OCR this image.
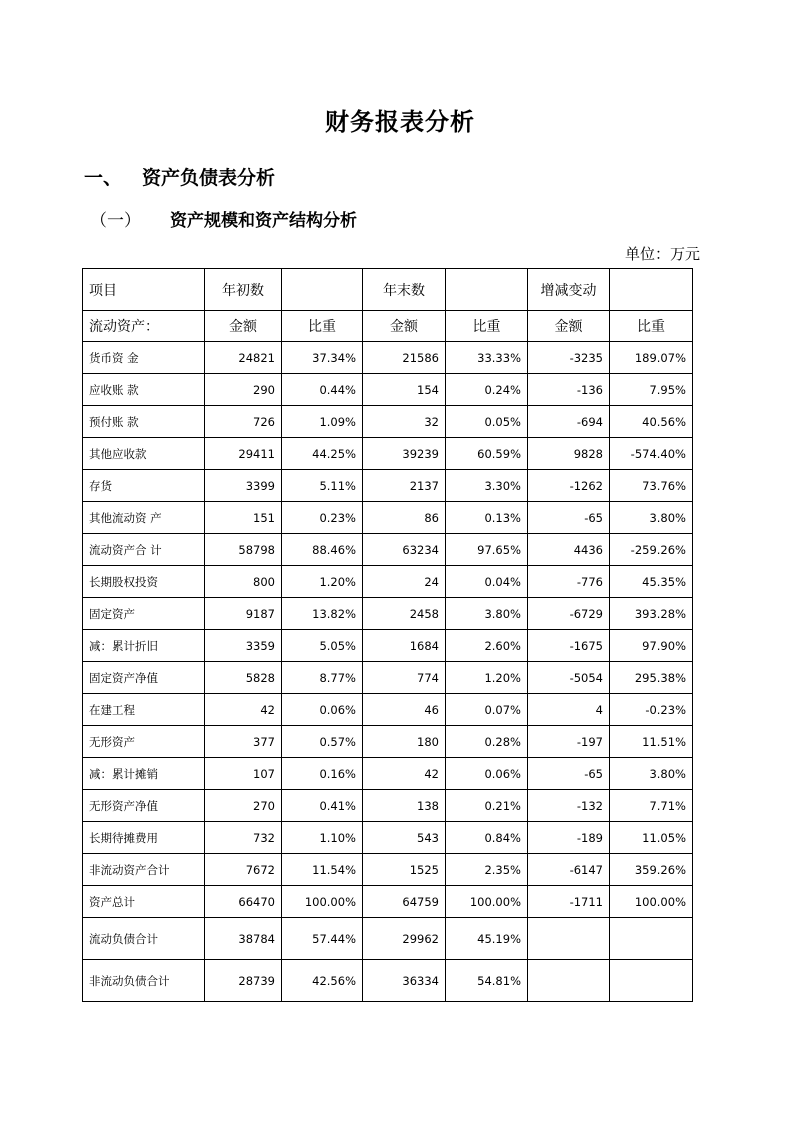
财务报表分析
一、 资产负债表分析
（一） 资产规模和资产结构分析
单位：万元
项目	年初数		年末数		增减变动	
流动资产：	金额	比重	金额	比重	金额	比重
货币资 金	24821	37.34%	21586	33.33%	-3235	189.07%
应收账 款	290	0.44%	154	0.24%	-136	7.95%
预付账 款	726	1.09%	32	0.05%	-694	40.56%
其他应收款	29411	44.25%	39239	60.59%	9828	-574.40%
存货	3399	5.11%	2137	3.30%	-1262	73.76%
其他流动资 产	151	0.23%	86	0.13%	-65	3.80%
流动资产合 计	58798	88.46%	63234	97.65%	4436	-259.26%
长期股权投资	800	1.20%	24	0.04%	-776	45.35%
固定资产	9187	13.82%	2458	3.80%	-6729	393.28%
减：累计折旧	3359	5.05%	1684	2.60%	-1675	97.90%
固定资产净值	5828	8.77%	774	1.20%	-5054	295.38%
在建工程	42	0.06%	46	0.07%	4	-0.23%
无形资产	377	0.57%	180	0.28%	-197	11.51%
减：累计摊销	107	0.16%	42	0.06%	-65	3.80%
无形资产净值	270	0.41%	138	0.21%	-132	7.71%
长期待摊费用	732	1.10%	543	0.84%	-189	11.05%
非流动资产合计	7672	11.54%	1525	2.35%	-6147	359.26%
资产总计	66470	100.00%	64759	100.00%	-1711	100.00%
流动负债合计	38784	57.44%	29962	45.19%		
非流动负债合计	28739	42.56%	36334	54.81%		
